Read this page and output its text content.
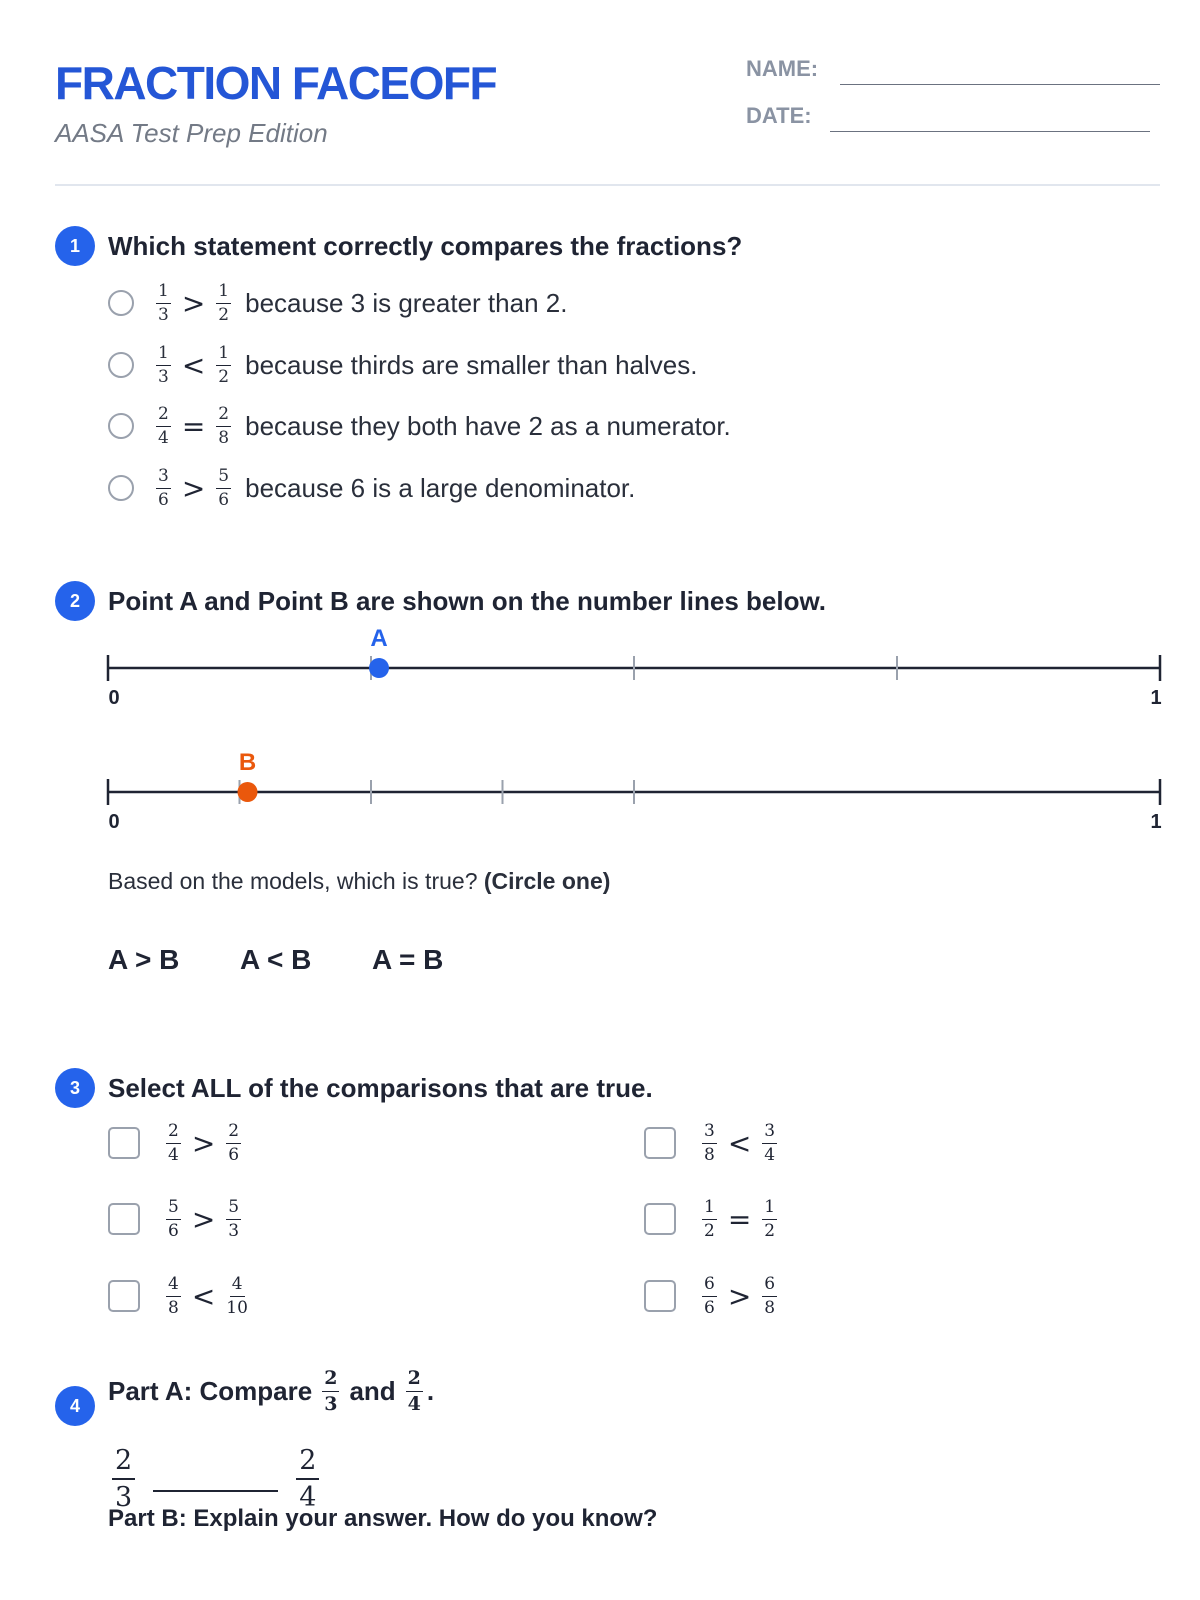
FRACTION FACEOFF
AASA Test Prep Edition
NAME:
DATE:
1	Which statement correctly compares the fractions?
$\frac{1}{3} > \frac{1}{2}$ because 3 is greater than 2.
$\frac{1}{3} < \frac{1}{2}$ because thirds are smaller than halves.
$\frac{2}{4} = \frac{2}{8}$ because they both have 2 as a numerator.
$\frac{3}{6} > \frac{5}{6}$ because 6 is a large denominator.
2	Point A and Point B are shown on the number lines below.
0	1
A
0	1
B
Based on the models, which is true? (Circle one)
A > B A < B A = B
3	Select ALL of the comparisons that are true.
$\frac{2}{4} > \frac{2}{6}$	$\frac{3}{8} < \frac{3}{4}$
$\frac{5}{6} > \frac{5}{3}$	$\frac{1}{2} = \frac{1}{2}$
$\frac{4}{8} < \frac{4}{10}$	$\frac{6}{6} > \frac{6}{8}$
4	Part A: Compare $\frac{2}{3}$ and $\frac{2}{4}$ .
$\frac{2}{3}$	$\frac{2}{4}$
Part B: Explain your answer. How do you know?
